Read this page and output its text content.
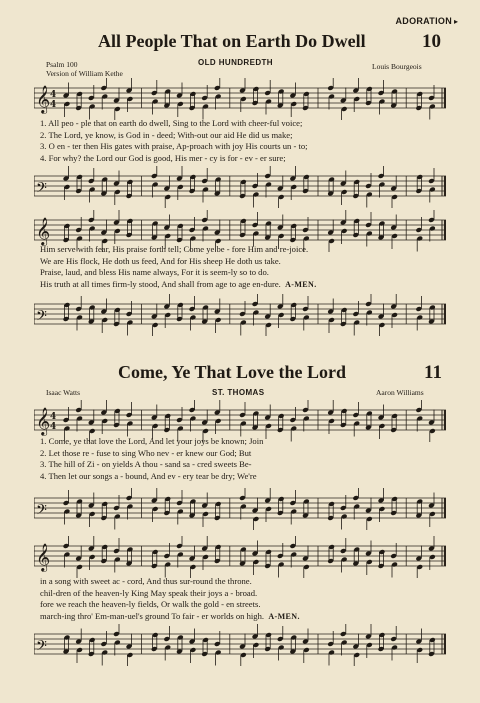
ADORATION ▸
All People That on Earth Do Dwell	10
Psalm 100
Version of William Kethe
OLD HUNDREDTH	Louis Bourgeois
𝄞 4
4
1. All peo - ple that on earth do dwell, Sing to the Lord with cheer-ful voice;
2. The Lord, ye know, is God in - deed; With-out our aid He did us make;
3. O en - ter then His gates with praise, Ap-proach with joy His courts un - to;
4. For why? the Lord our God is good, His mer - cy is for - ev - er sure;
𝄢
𝄞
Him serve with fear, His praise forth tell; Come ye be - fore Him and re-joice.
We are His flock, He doth us feed, And for His sheep He doth us take.
Praise, laud, and bless His name always, For it is seem-ly so to do.
His truth at all times firm-ly stood, And shall from age to age en-dure. A-MEN.
𝄢
Come, Ye That Love the Lord	11
Isaac Watts	ST. THOMAS	Aaron Williams
𝄞 4
4
1. Come, ye that love the Lord, And let your joys be known; Join
2. Let those re - fuse to sing Who nev - er knew our God; But
3. The hill of Zi - on yields A thou - sand sa - cred sweets Be-
4. Then let our songs a - bound, And ev - ery tear be dry; We're
𝄢
𝄞
in a song with sweet ac - cord, And thus sur-round the throne.
chil-dren of the heaven-ly King May speak their joys a - broad.
fore we reach the heaven-ly fields, Or walk the gold - en streets.
march-ing thro' Em-man-uel's ground To fair - er worlds on high. A-MEN.
𝄢
